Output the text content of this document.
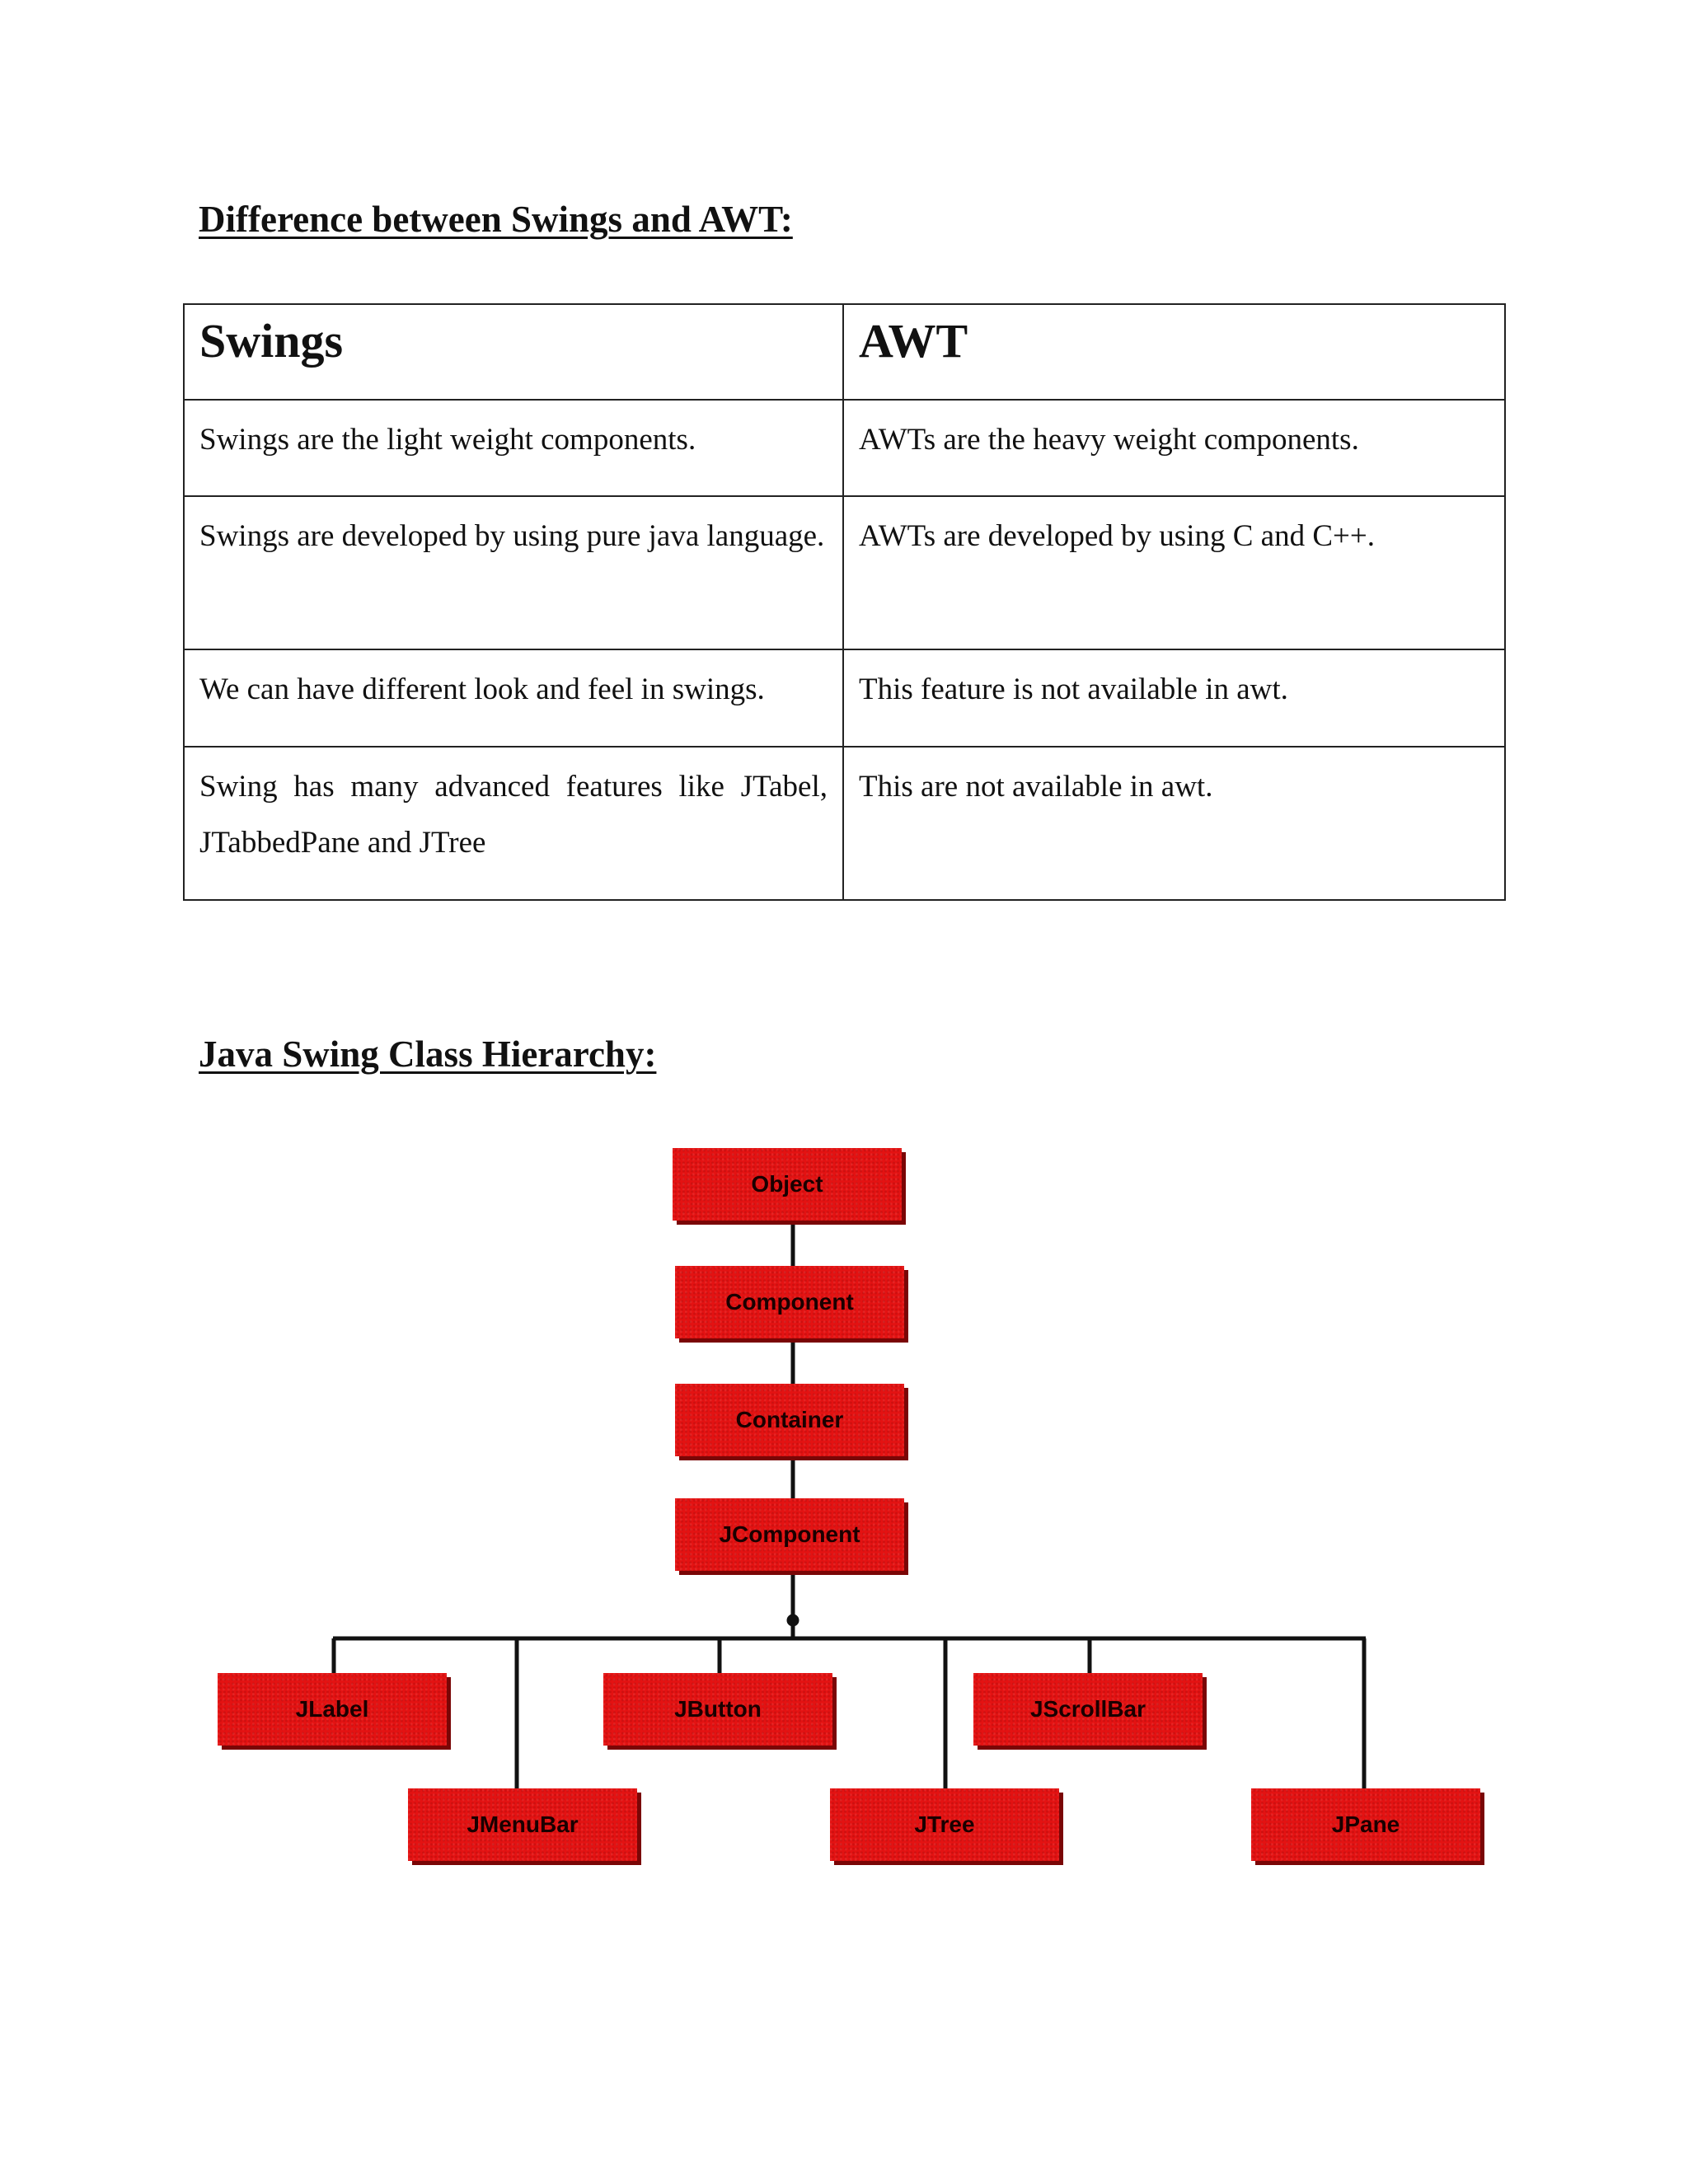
Difference between Swings and AWT:
Swings	AWT
Swings are the light weight components.	AWTs are the heavy weight components.
Swings are developed by using pure java language.	AWTs are developed by using C and C++.
We can have different look and feel in swings.	This feature is not available in awt.
Swing has many advanced features like JTabel, JTabbedPane and JTree	This are not available in awt.
Java Swing Class Hierarchy:
Object
Component
Container
JComponent
JLabel
JMenuBar
JButton
JTree
JScrollBar
JPane
